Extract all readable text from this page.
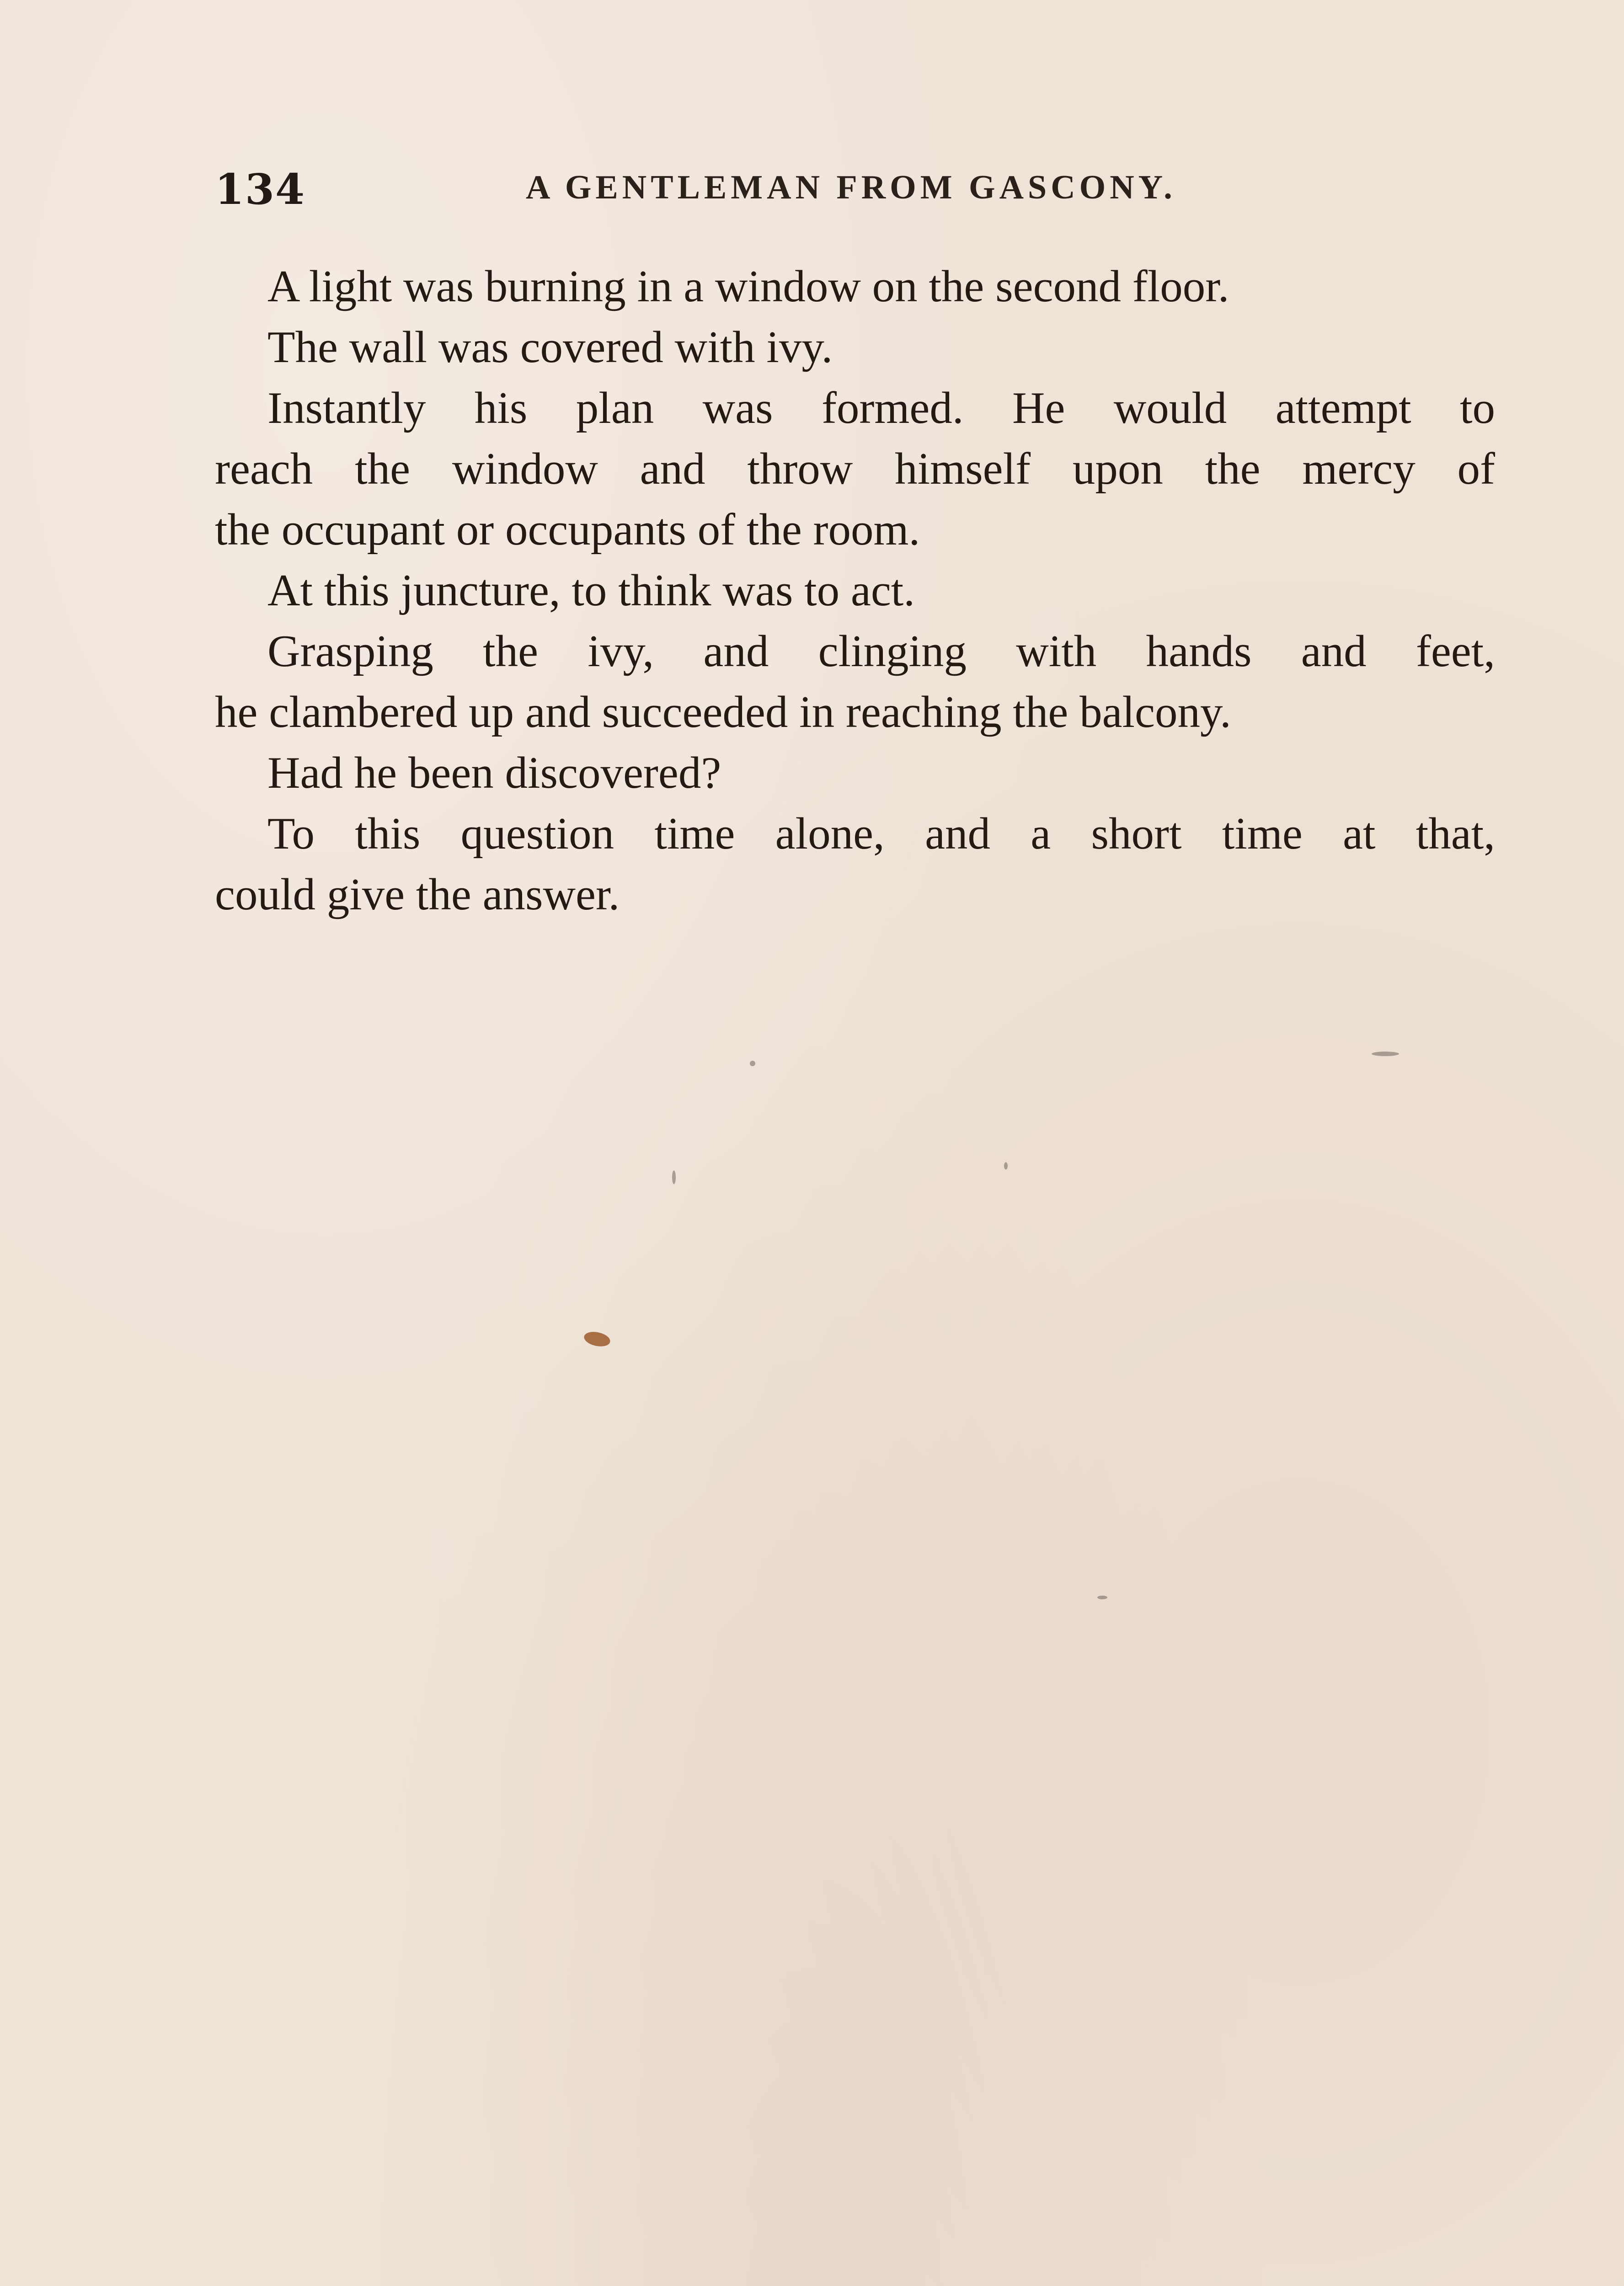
134	A GENTLEMAN FROM GASCONY.

A light was burning in a window on the second floor.

The wall was covered with ivy.

Instantly his plan was formed. He would attempt to
reach the window and throw himself upon the mercy of
the occupant or occupants of the room.

At this juncture, to think was to act.

Grasping the ivy, and clinging with hands and feet,
he clambered up and succeeded in reaching the balcony.

Had he been discovered?

To this question time alone, and a short time at that,
could give the answer.
